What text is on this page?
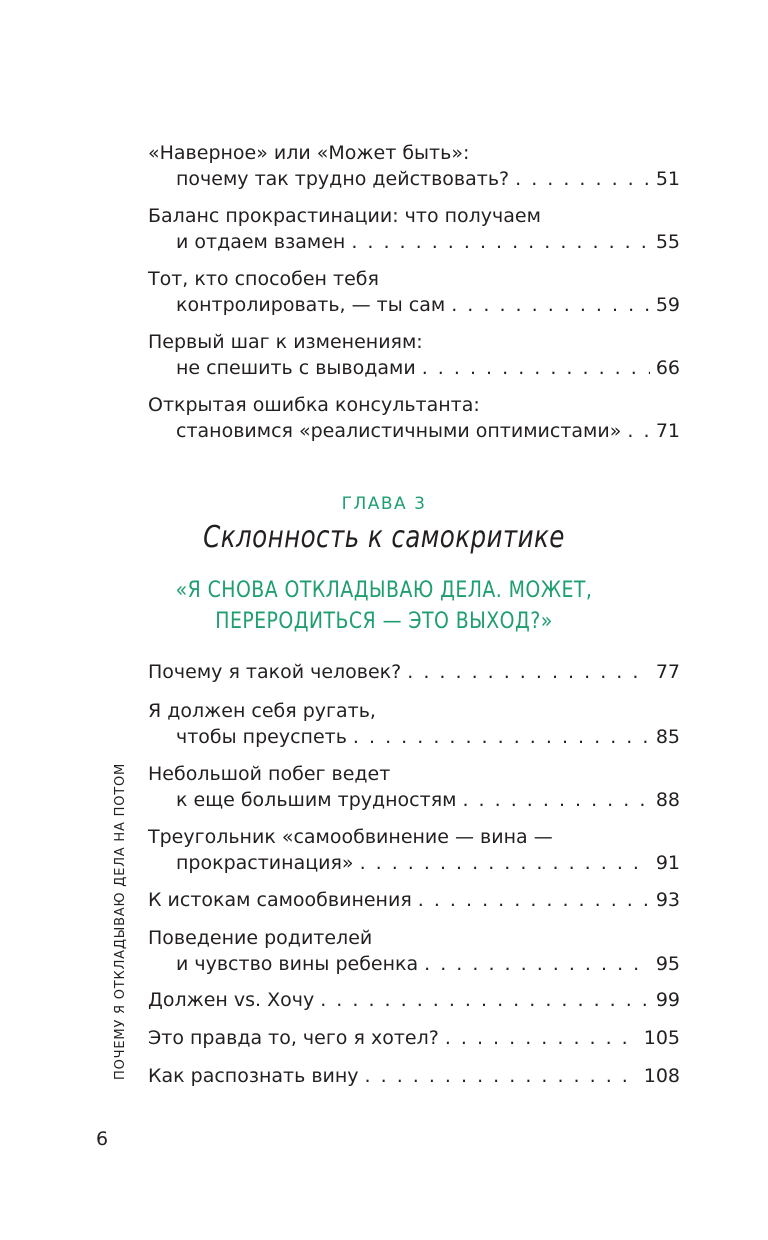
«Наверное» или «Может быть»:
почему так трудно действовать? . . .	51
Баланс прокрастинации: что получаем
и отдаем взамен . . .	55
Тот, кто способен тебя
контролировать, — ты сам . . .	59
Первый шаг к изменениям:
не спешить с выводами . . .	66
Открытая ошибка консультанта:
становимся «реалистичными оптимистами» . . . 71
ГЛАВА 3
Склонность к самокритике
«Я СНОВА ОТКЛАДЫВАЮ ДЕЛА. МОЖЕТ,
ПЕРЕРОДИТЬСЯ — ЭТО ВЫХОД?»
Почему я такой человек? . . .	77
Я должен себя ругать,
чтобы преуспеть . . .	85
Небольшой побег ведет
к еще большим трудностям . . .	88
Треугольник «самообвинение — вина —
прокрастинация» . . .	91
К истокам самообвинения . . .	93
Поведение родителей
и чувство вины ребенка . . .	95
Должен vs. Хочу . . .	99
Это правда то, чего я хотел? . . .	105
Как распознать вину . . .	108
ПОЧЕМУ Я ОТКЛАДЫВАЮ ДЕЛА НА ПОТОМ
6
